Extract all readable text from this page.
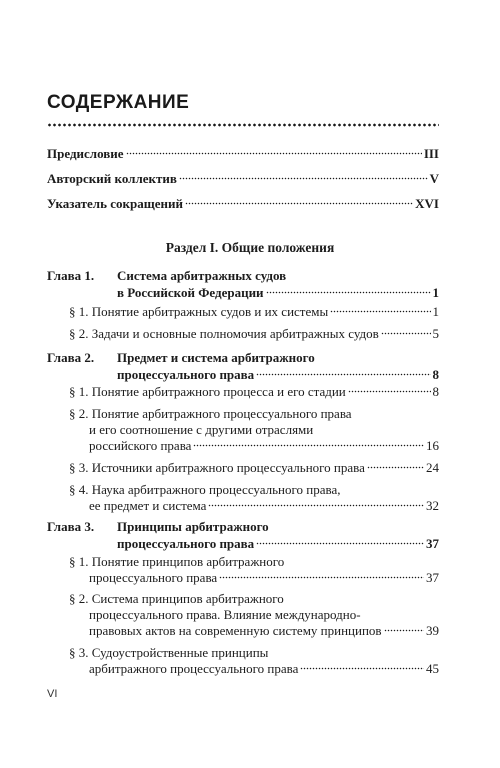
СОДЕРЖАНИЕ
Предисловие	III
Авторский коллектив	V
Указатель сокращений	XVI
Раздел I. Общие положения
Глава 1. Система арбитражных судов
в Российской Федерации	1
§ 1. Понятие арбитражных судов и их системы	1
§ 2. Задачи и основные полномочия арбитражных судов	5
Глава 2. Предмет и система арбитражного
процессуального права	8
§ 1. Понятие арбитражного процесса и его стадии	8
§ 2. Понятие арбитражного процессуального права
и его соотношение с другими отраслями
российского права	16
§ 3. Источники арбитражного процессуального права	24
§ 4. Наука арбитражного процессуального права,
ее предмет и система	32
Глава 3. Принципы арбитражного
процессуального права	37
§ 1. Понятие принципов арбитражного
процессуального права	37
§ 2. Система принципов арбитражного
процессуального права. Влияние международно-
правовых актов на современную систему принципов	39
§ 3. Судоустройственные принципы
арбитражного процессуального права	45
VI
